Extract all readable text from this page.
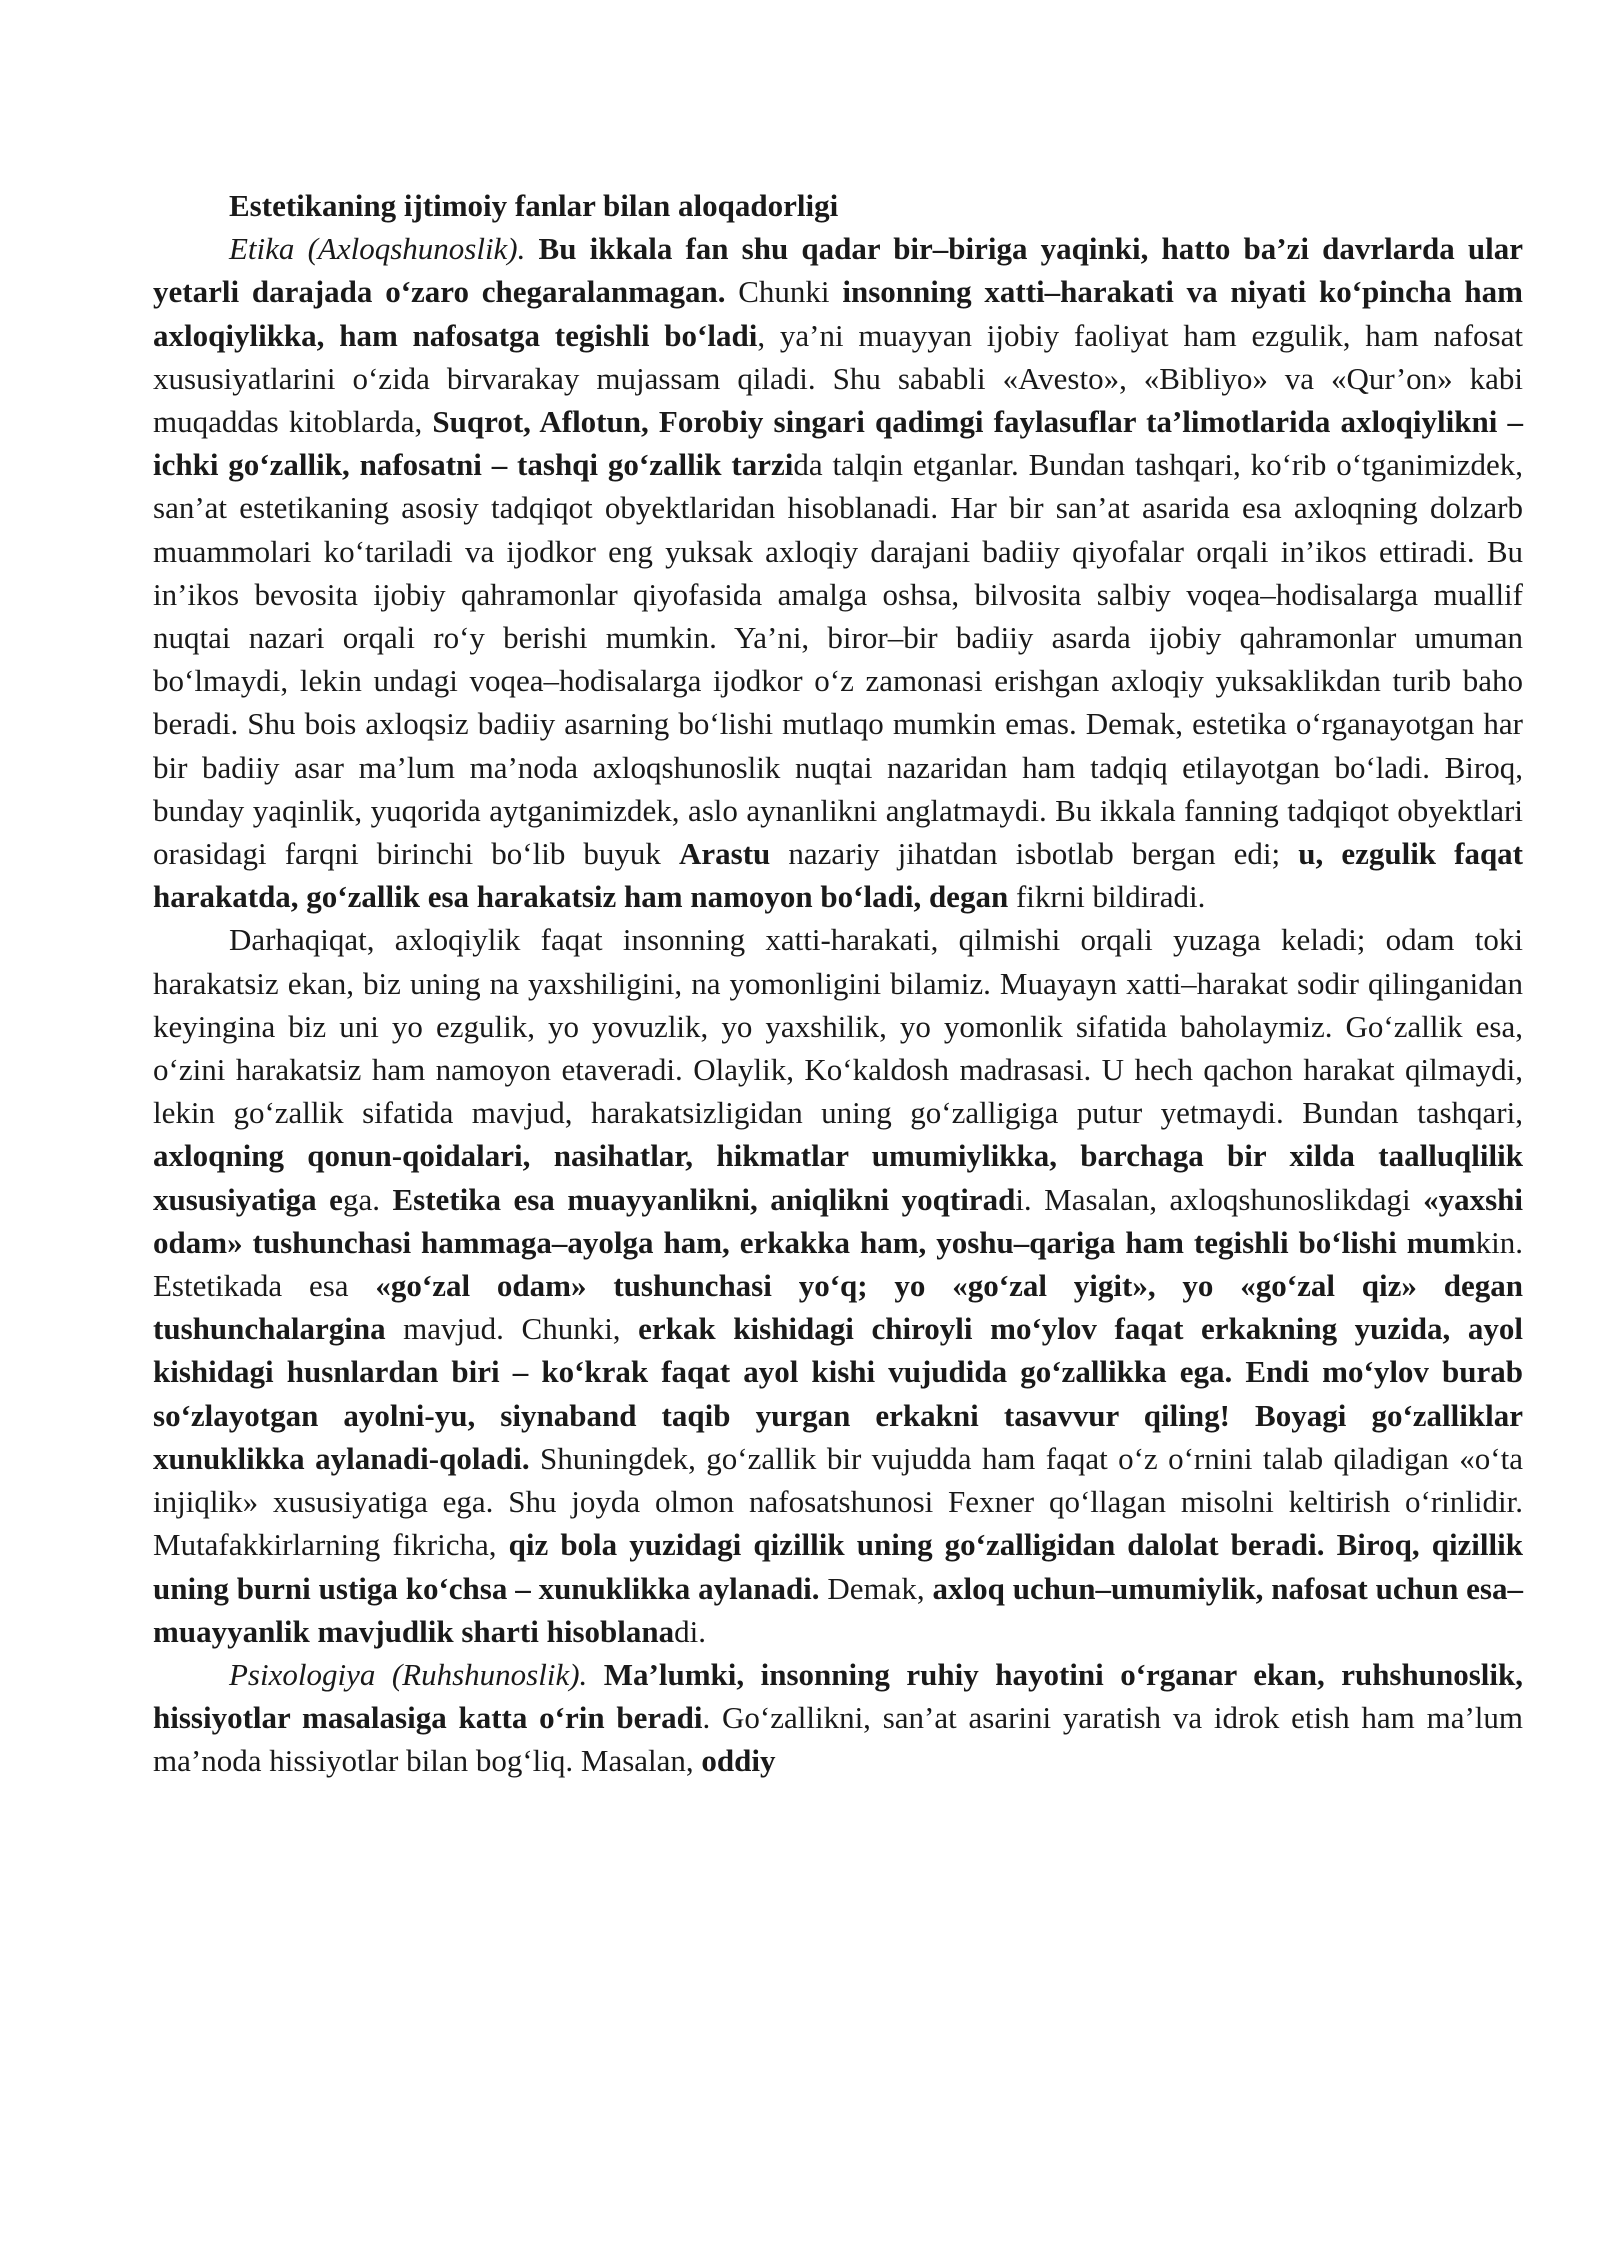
Estetikaning ijtimoiy fanlar bilan aloqadorligi

Etika (Axloqshunoslik). Bu ikkala fan shu qadar bir–biriga yaqinki, hatto ba’zi davrlarda ular yetarli darajada o‘zaro chegaralanmagan. Chunki insonning xatti–harakati va niyati ko‘pincha ham axloqiylikka, ham nafosatga tegishli bo‘ladi, ya’ni muayyan ijobiy faoliyat ham ezgulik, ham nafosat xususiyatlarini o‘zida birvarakay mujassam qiladi. Shu sababli «Avesto», «Bibliyo» va «Qur’on» kabi muqaddas kitoblarda, Suqrot, Aflotun, Forobiy singari qadimgi faylasuflar ta’limotlarida axloqiylikni – ichki go‘zallik, nafosatni – tashqi go‘zallik tarzida talqin etganlar. Bundan tashqari, ko‘rib o‘tganimizdek, san’at estetikaning asosiy tadqiqot obyektlaridan hisoblanadi. Har bir san’at asarida esa axloqning dolzarb muammolari ko‘tariladi va ijodkor eng yuksak axloqiy darajani badiiy qiyofalar orqali in’ikos ettiradi. Bu in’ikos bevosita ijobiy qahramonlar qiyofasida amalga oshsa, bilvosita salbiy voqea–hodisalarga muallif nuqtai nazari orqali ro‘y berishi mumkin. Ya’ni, biror–bir badiiy asarda ijobiy qahramonlar umuman bo‘lmaydi, lekin undagi voqea–hodisalarga ijodkor o‘z zamonasi erishgan axloqiy yuksaklikdan turib baho beradi. Shu bois axloqsiz badiiy asarning bo‘lishi mutlaqo mumkin emas. Demak, estetika o‘rganayotgan har bir badiiy asar ma’lum ma’noda axloqshunoslik nuqtai nazaridan ham tadqiq etilayotgan bo‘ladi. Biroq, bunday yaqinlik, yuqorida aytganimizdek, aslo aynanlikni anglatmaydi. Bu ikkala fanning tadqiqot obyektlari orasidagi farqni birinchi bo‘lib buyuk Arastu nazariy jihatdan isbotlab bergan edi; u, ezgulik faqat harakatda, go‘zallik esa harakatsiz ham namoyon bo‘ladi, degan fikrni bildiradi.

Darhaqiqat, axloqiylik faqat insonning xatti-harakati, qilmishi orqali yuzaga keladi; odam toki harakatsiz ekan, biz uning na yaxshiligini, na yomonligini bilamiz. Muayayn xatti–harakat sodir qilinganidan keyingina biz uni yo ezgulik, yo yovuzlik, yo yaxshilik, yo yomonlik sifatida baholaymiz. Go‘zallik esa, o‘zini harakatsiz ham namoyon etaveradi. Olaylik, Ko‘kaldosh madrasasi. U hech qachon harakat qilmaydi, lekin go‘zallik sifatida mavjud, harakatsizligidan uning go‘zalligiga putur yetmaydi. Bundan tashqari, axloqning qonun-qoidalari, nasihatlar, hikmatlar umumiylikka, barchaga bir xilda taalluqlilik xususiyatiga ega. Estetika esa muayyanlikni, aniqlikni yoqtiradi. Masalan, axloqshunoslikdagi «yaxshi odam» tushunchasi hammaga–ayolga ham, erkakka ham, yoshu–qariga ham tegishli bo‘lishi mumkin. Estetikada esa «go‘zal odam» tushunchasi yo‘q; yo «go‘zal yigit», yo «go‘zal qiz» degan tushunchalargina mavjud. Chunki, erkak kishidagi chiroyli mo‘ylov faqat erkakning yuzida, ayol kishidagi husnlardan biri – ko‘krak faqat ayol kishi vujudida go‘zallikka ega. Endi mo‘ylov burab so‘zlayotgan ayolni-yu, siynaband taqib yurgan erkakni tasavvur qiling! Boyagi go‘zalliklar xunuklikka aylanadi-qoladi. Shuningdek, go‘zallik bir vujudda ham faqat o‘z o‘rnini talab qiladigan «o‘ta injiqlik» xususiyatiga ega. Shu joyda olmon nafosatshunosi Fexner qo‘llagan misolni keltirish o‘rinlidir. Mutafakkirlarning fikricha, qiz bola yuzidagi qizillik uning go‘zalligidan dalolat beradi. Biroq, qizillik uning burni ustiga ko‘chsa – xunuklikka aylanadi. Demak, axloq uchun–umumiylik, nafosat uchun esa–muayyanlik mavjudlik sharti hisoblanadi.

Psixologiya (Ruhshunoslik). Ma’lumki, insonning ruhiy hayotini o‘rganar ekan, ruhshunoslik, hissiyotlar masalasiga katta o‘rin beradi. Go‘zallikni, san’at asarini yaratish va idrok etish ham ma’lum ma’noda hissiyotlar bilan bog‘liq. Masalan, oddiy
